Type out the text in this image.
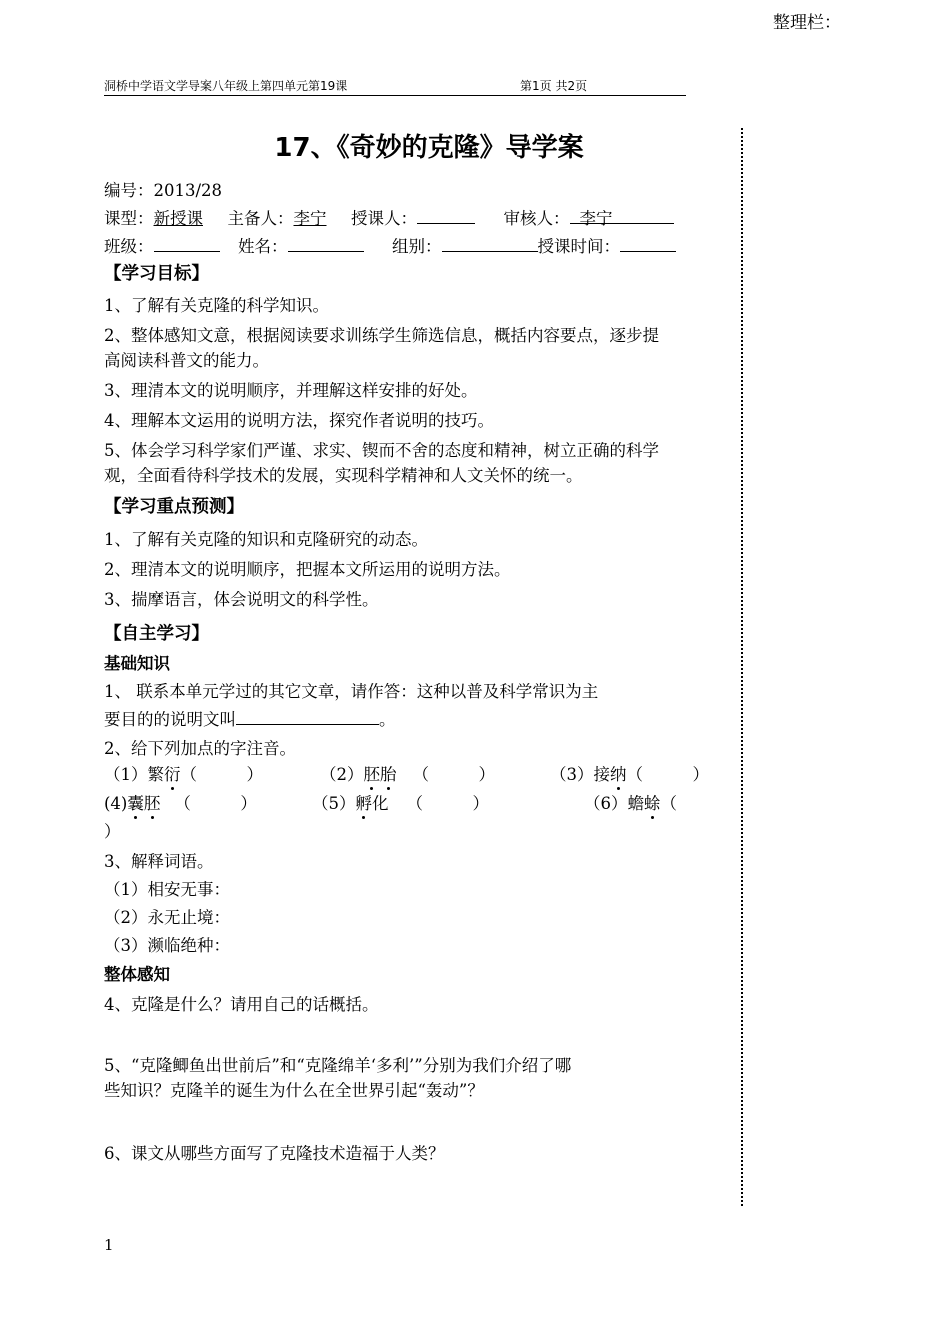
整理栏：
洞桥中学语文学导案八年级上第四单元第19课	第1页 共2页
17、《奇妙的克隆》导学案
编号：2013/28
课型：新授课 主备人：李宁 授课人：	审核人： 李宁
班级：	姓名：	组别：	授课时间：
【学习目标】
1、了解有关克隆的科学知识。
2、整体感知文意，根据阅读要求训练学生筛选信息，概括内容要点，逐步提
高阅读科普文的能力。
3、理清本文的说明顺序，并理解这样安排的好处。
4、理解本文运用的说明方法，探究作者说明的技巧。
5、体会学习科学家们严谨、求实、锲而不舍的态度和精神，树立正确的科学
观，全面看待科学技术的发展，实现科学精神和人文关怀的统一。
【学习重点预测】
1、了解有关克隆的知识和克隆研究的动态。
2、理清本文的说明顺序，把握本文所运用的说明方法。
3、揣摩语言，体会说明文的科学性。
【自主学习】
基础知识
1、 联系本单元学过的其它文章，请作答：这种以普及科学常识为主
要目的的说明文叫	。
2、给下列加点的字注音。
（1）繁衍（　　　）	（2）胚胎 （　　　）	（3）接纳（　　　）
(4)囊胚 （　　　）	（5）孵化 （　　　）	（6）蟾蜍（
）
3、解释词语。
（1）相安无事：
（2）永无止境：
（3）濒临绝种：
整体感知
4、克隆是什么？请用自己的话概括。
5、“克隆鲫鱼出世前后”和“克隆绵羊‘多利’”分别为我们介绍了哪
些知识？克隆羊的诞生为什么在全世界引起“轰动”？
6、课文从哪些方面写了克隆技术造福于人类？
1
